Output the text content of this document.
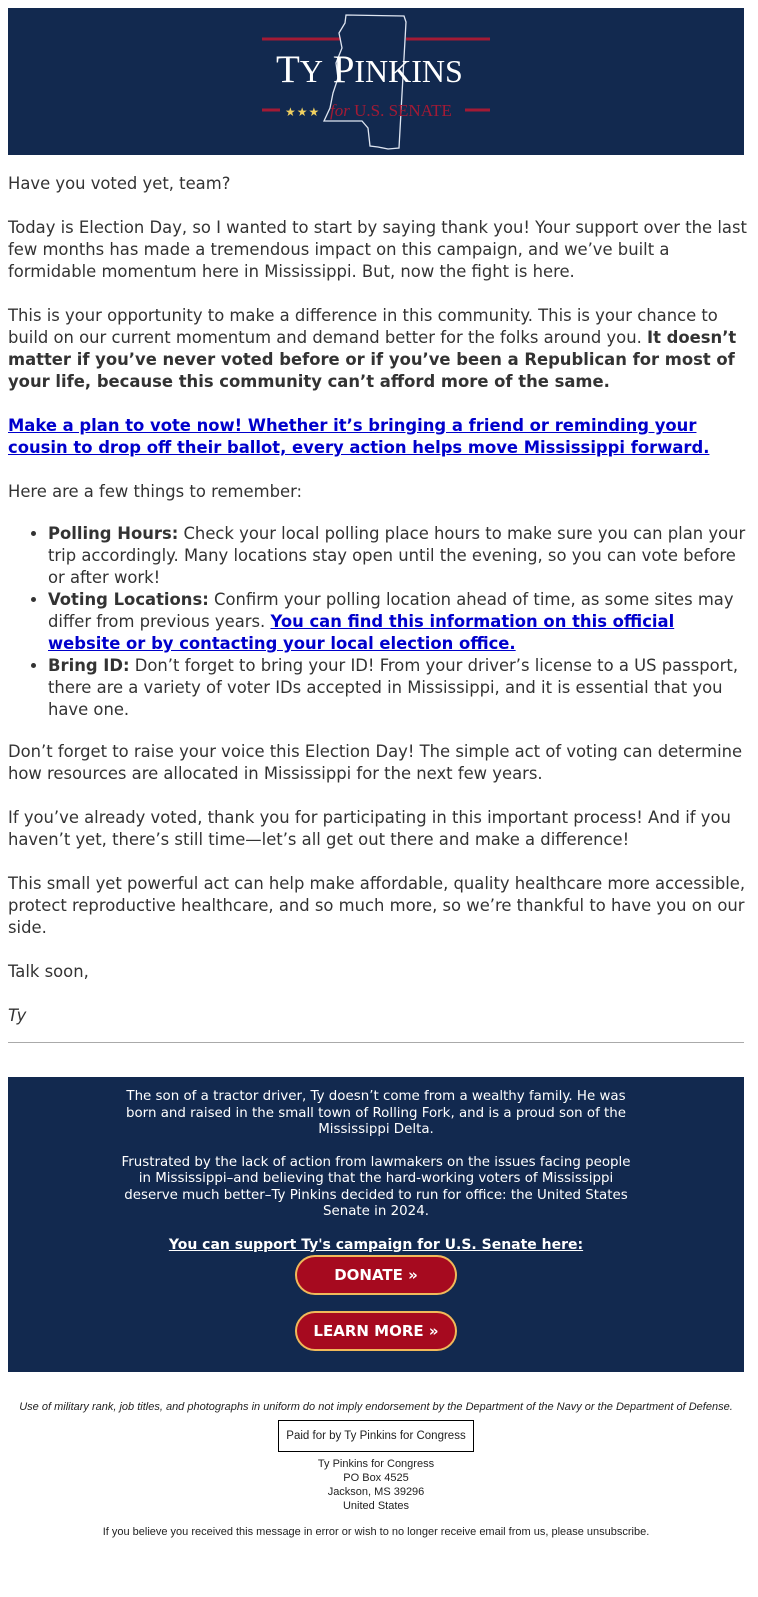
TY PINKINS
★★★ for U.S. SENATE

Have you voted yet, team?

Today is Election Day, so I wanted to start by saying thank you! Your support over the last few months has made a tremendous impact on this campaign, and we’ve built a formidable momentum here in Mississippi. But, now the fight is here.

This is your opportunity to make a difference in this community. This is your chance to build on our current momentum and demand better for the folks around you. It doesn’t matter if you’ve never voted before or if you’ve been a Republican for most of your life, because this community can’t afford more of the same.

Make a plan to vote now! Whether it’s bringing a friend or reminding your cousin to drop off their ballot, every action helps move Mississippi forward.

Here are a few things to remember:

• Polling Hours: Check your local polling place hours to make sure you can plan your trip accordingly. Many locations stay open until the evening, so you can vote before or after work!
• Voting Locations: Confirm your polling location ahead of time, as some sites may differ from previous years. You can find this information on this official website or by contacting your local election office.
• Bring ID: Don’t forget to bring your ID! From your driver’s license to a US passport, there are a variety of voter IDs accepted in Mississippi, and it is essential that you have one.

Don’t forget to raise your voice this Election Day! The simple act of voting can determine how resources are allocated in Mississippi for the next few years.

If you’ve already voted, thank you for participating in this important process! And if you haven’t yet, there’s still time—let’s all get out there and make a difference!

This small yet powerful act can help make affordable, quality healthcare more accessible, protect reproductive healthcare, and so much more, so we’re thankful to have you on our side.

Talk soon,

Ty

The son of a tractor driver, Ty doesn’t come from a wealthy family. He was born and raised in the small town of Rolling Fork, and is a proud son of the Mississippi Delta.

Frustrated by the lack of action from lawmakers on the issues facing people in Mississippi–and believing that the hard-working voters of Mississippi deserve much better–Ty Pinkins decided to run for office: the United States Senate in 2024.

You can support Ty's campaign for U.S. Senate here:
DONATE »
LEARN MORE »

Use of military rank, job titles, and photographs in uniform do not imply endorsement by the Department of the Navy or the Department of Defense.

Paid for by Ty Pinkins for Congress

Ty Pinkins for Congress

PO Box 4525

Jackson, MS 39296

United States

If you believe you received this message in error or wish to no longer receive email from us, please unsubscribe.
